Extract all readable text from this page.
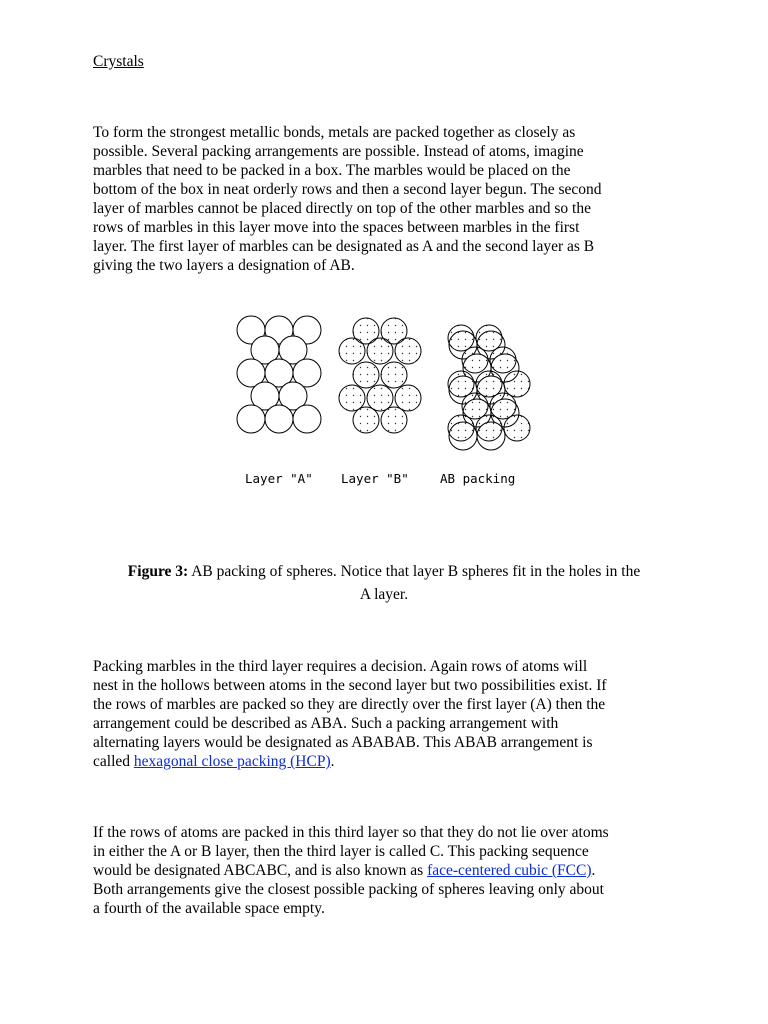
Crystals

To form the strongest metallic bonds, metals are packed together as closely as
possible. Several packing arrangements are possible. Instead of atoms, imagine
marbles that need to be packed in a box. The marbles would be placed on the
bottom of the box in neat orderly rows and then a second layer begun. The second
layer of marbles cannot be placed directly on top of the other marbles and so the
rows of marbles in this layer move into the spaces between marbles in the first
layer. The first layer of marbles can be designated as A and the second layer as B
giving the two layers a designation of AB.

Layer "A" Layer "B"	AB packing
Figure 3: AB packing of spheres. Notice that layer B spheres fit in the holes in the
A layer.

Packing marbles in the third layer requires a decision. Again rows of atoms will
nest in the hollows between atoms in the second layer but two possibilities exist. If
the rows of marbles are packed so they are directly over the first layer (A) then the
arrangement could be described as ABA. Such a packing arrangement with
alternating layers would be designated as ABABAB. This ABAB arrangement is
called hexagonal close packing (HCP).

If the rows of atoms are packed in this third layer so that they do not lie over atoms
in either the A or B layer, then the third layer is called C. This packing sequence
would be designated ABCABC, and is also known as face-centered cubic (FCC).
Both arrangements give the closest possible packing of spheres leaving only about
a fourth of the available space empty.
